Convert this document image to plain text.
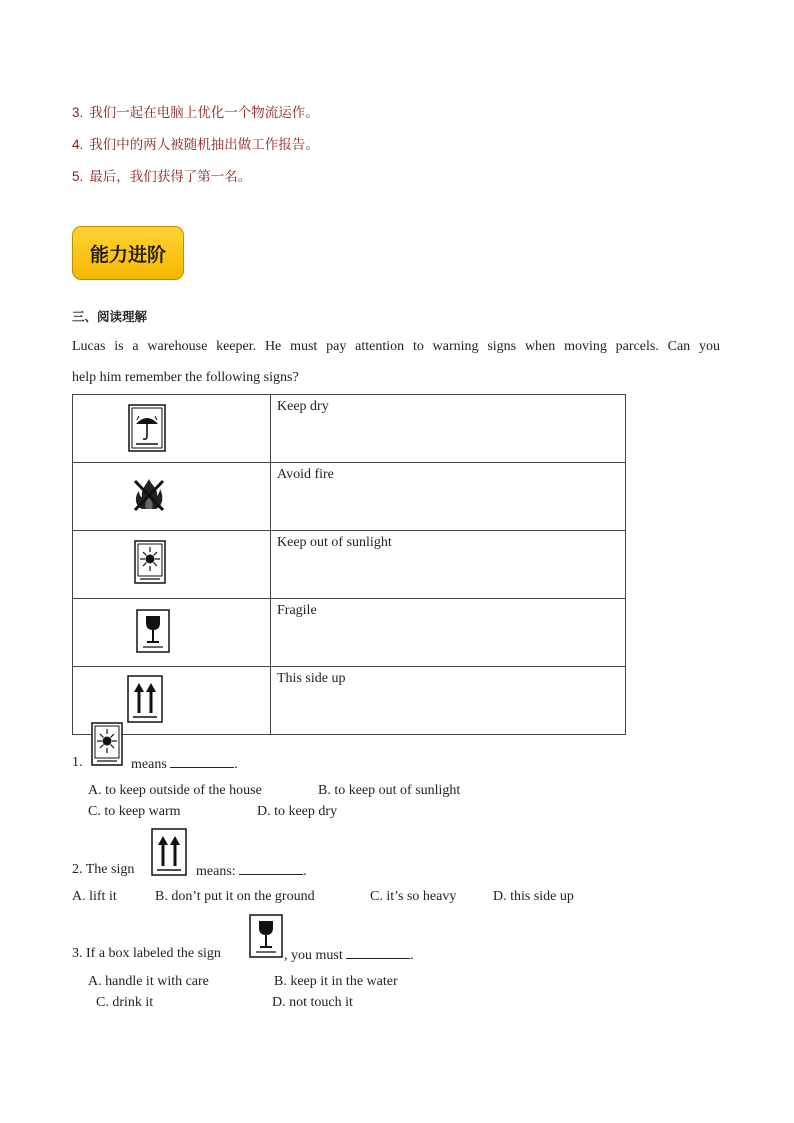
3. 我们一起在电脑上优化一个物流运作。
4. 我们中的两人被随机抽出做工作报告。
5. 最后，我们获得了第一名。
能力进阶
三、阅读理解
Lucas is a warehouse keeper. He must pay attention to warning signs when moving parcels. Can you
help him remember the following signs?
	Keep dry

	Avoid fire

	Keep out of sunlight

	Fragile

	This side up
1.	means	.
A. to keep outside of the house	B. to keep out of sunlight
C. to keep warm	D. to keep dry
2. The sign	means:	.
A. lift it	B. don’t put it on the ground	C. it’s so heavy	D. this side up
3. If a box labeled the sign	, you must	.
A. handle it with care	B. keep it in the water
C. drink it	D. not touch it
